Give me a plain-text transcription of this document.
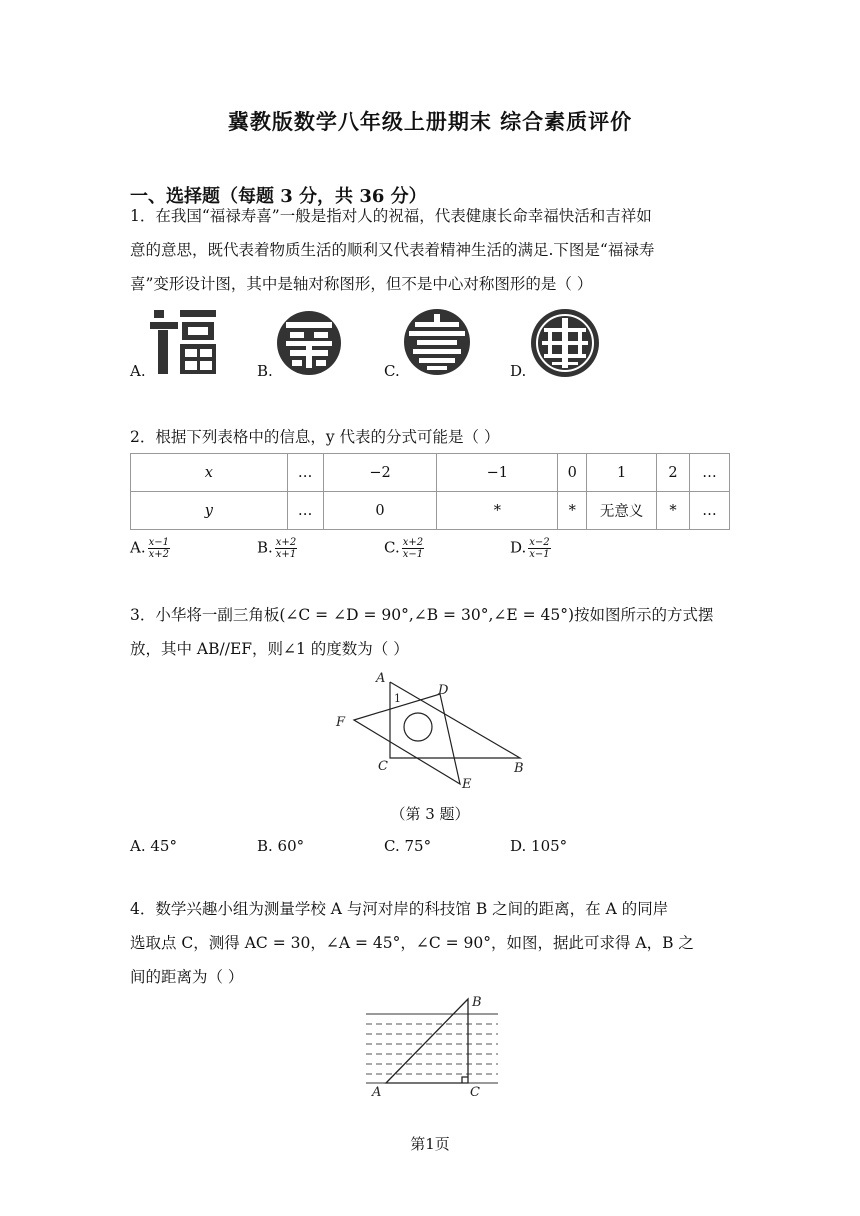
冀教版数学八年级上册期末 综合素质评价
一、选择题（每题 3 分，共 36 分）
1．在我国“福禄寿喜”一般是指对人的祝福，代表健康长命幸福快活和吉祥如
意的意思，既代表着物质生活的顺利又代表着精神生活的满足.下图是“福禄寿
喜”变形设计图，其中是轴对称图形，但不是中心对称图形的是（ ）
A.	B.	C.	D.
2．根据下列表格中的信息，y 代表的分式可能是（ ）
x	…	−2	−1	0	1	2	…
y	…	0	*	*	无意义	*	…
A. $\frac{x-1}{x+2}$	B. $\frac{x+2}{x+1}$	C. $\frac{x+2}{x-1}$	D. $\frac{x-2}{x-1}$
3．小华将一副三角板(∠C = ∠D = 90°,∠B = 30°,∠E = 45°)按如图所示的方式摆
放，其中 AB//EF，则∠1 的度数为（ ）
A
D
F
C	B
E
1
（第 3 题）
A. 45°	B. 60°	C. 75°	D. 105°
4．数学兴趣小组为测量学校 A 与河对岸的科技馆 B 之间的距离，在 A 的同岸
选取点 C，测得 AC = 30，∠A = 45°，∠C = 90°，如图，据此可求得 A，B 之
间的距离为（ ）
A
B
C
第1页
